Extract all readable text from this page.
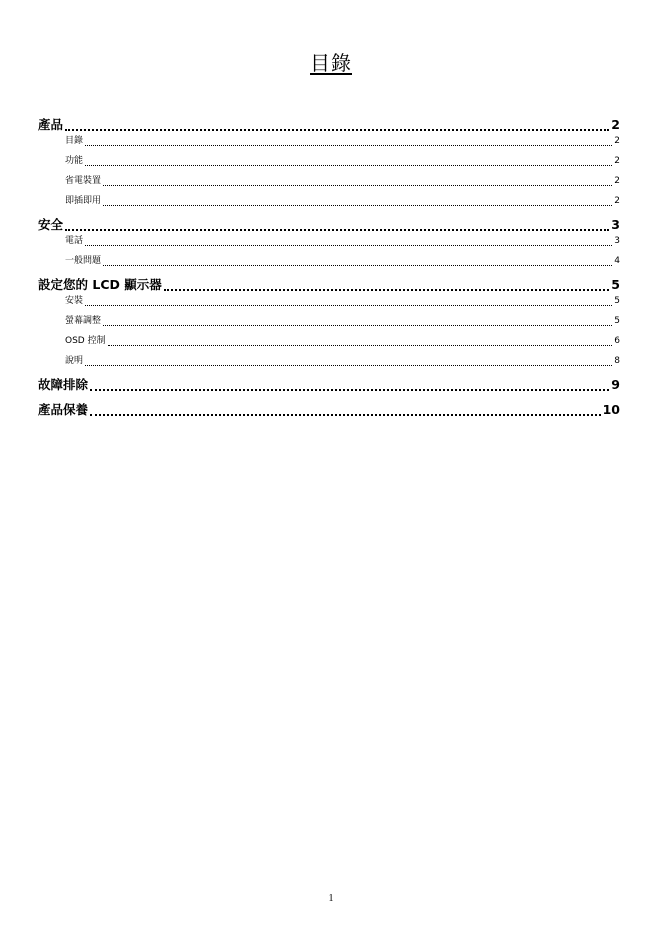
目錄
產品	2
目錄	2
功能	2
省電裝置	2
即插即用	2
安全	3
電話	3
一般問題	4
設定您的 LCD 顯示器	5
安裝	5
螢幕調整	5
OSD 控制	6
說明	8
故障排除	9
產品保養	10
1
